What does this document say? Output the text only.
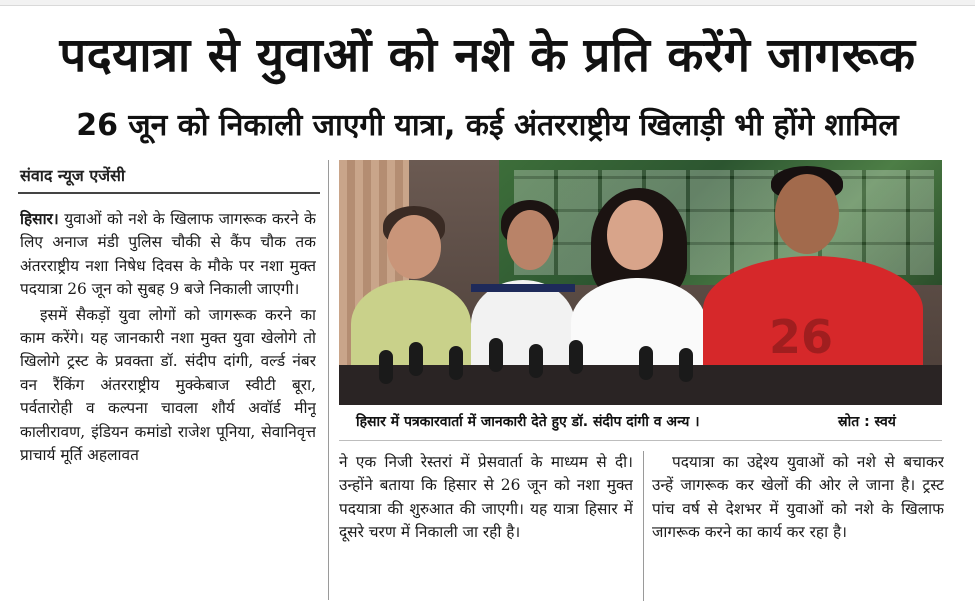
पदयात्रा से युवाओं को नशे के प्रति करेंगे जागरूक
26 जून को निकाली जाएगी यात्रा, कई अंतरराष्ट्रीय खिलाड़ी भी होंगे शामिल
संवाद न्यूज एजेंसी

हिसार। युवाओं को नशे के खिलाफ जागरूक करने के लिए अनाज मंडी पुलिस चौकी से कैंप चौक तक अंतरराष्ट्रीय नशा निषेध दिवस के मौके पर नशा मुक्त पदयात्रा 26 जून को सुबह 9 बजे निकाली जाएगी।

इसमें सैकड़ों युवा लोगों को जागरूक करने का काम करेंगे। यह जानकारी नशा मुक्त युवा खेलोगे तो खिलोगे ट्रस्ट के प्रवक्ता डॉ. संदीप दांगी, वर्ल्ड नंबर वन रैंकिंग अंतरराष्ट्रीय मुक्केबाज स्वीटी बूरा, पर्वतारोही व कल्पना चावला शौर्य अवॉर्ड मीनू कालीरावण, इंडियन कमांडो राजेश पूनिया, सेवानिवृत्त प्राचार्य मूर्ति अहलावत

26
हिसार में पत्रकारवार्ता में जानकारी देते हुए डॉ. संदीप दांगी व अन्य ।	स्रोत : स्वयं

ने एक निजी रेस्तरां में प्रेसवार्ता के माध्यम से दी। उन्होंने बताया कि हिसार से 26 जून को नशा मुक्त पदयात्रा की शुरुआत की जाएगी। यह यात्रा हिसार में दूसरे चरण में निकाली जा रही है।

पदयात्रा का उद्देश्य युवाओं को नशे से बचाकर उन्हें जागरूक कर खेलों की ओर ले जाना है। ट्रस्ट पांच वर्ष से देशभर में युवाओं को नशे के खिलाफ जागरूक करने का कार्य कर रहा है।
